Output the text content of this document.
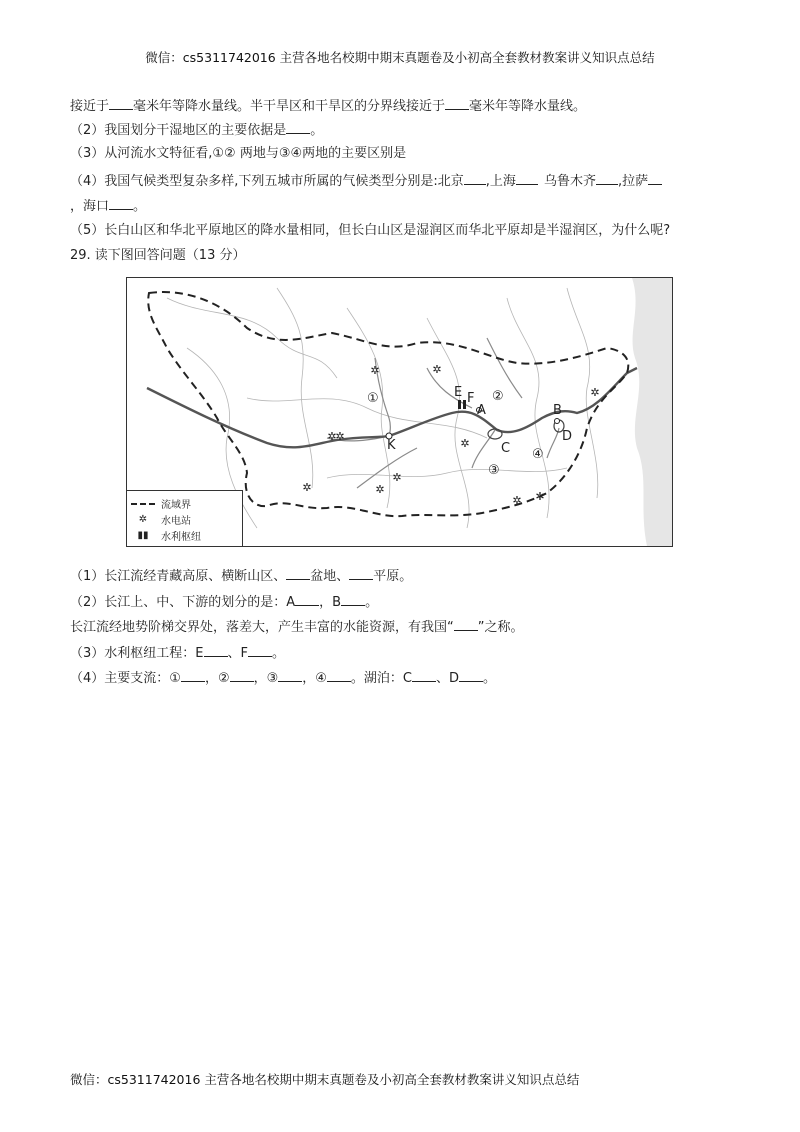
微信：cs5311742016 主营各地名校期中期末真题卷及小初高全套教材教案讲义知识点总结
接近于 毫米年等降水量线。半干旱区和干旱区的分界线接近于 毫米年等降水量线。
（2）我国划分干湿地区的主要依据是 。
（3）从河流水文特征看,①② 两地与③④两地的主要区别是
（4）我国气候类型复杂多样,下列五城市所属的气候类型分别是:北京 ,上海 乌鲁木齐 ,拉萨
，海口 。
（5）长白山区和华北平原地区的降水量相同，但长白山区是湿润区而华北平原却是半湿润区，为什么呢?
29. 读下图回答问题（13 分）
✲
✲
✲
✲	✲
✲
✲
✲
✲ ✲
✲
E F
A	B
C
D
K
①	②
③
④
流域界
✲	水电站
▮▮	水利枢纽
（1）长江流经青藏高原、横断山区、 盆地、 平原。
（2）长江上、中、下游的划分的是：A ，B 。
长江流经地势阶梯交界处，落差大，产生丰富的水能资源，有我国“ ”之称。
（3）水利枢纽工程：E 、F 。
（4）主要支流：① ，② ，③ ，④ 。湖泊：C 、D 。
微信：cs5311742016 主营各地名校期中期末真题卷及小初高全套教材教案讲义知识点总结
